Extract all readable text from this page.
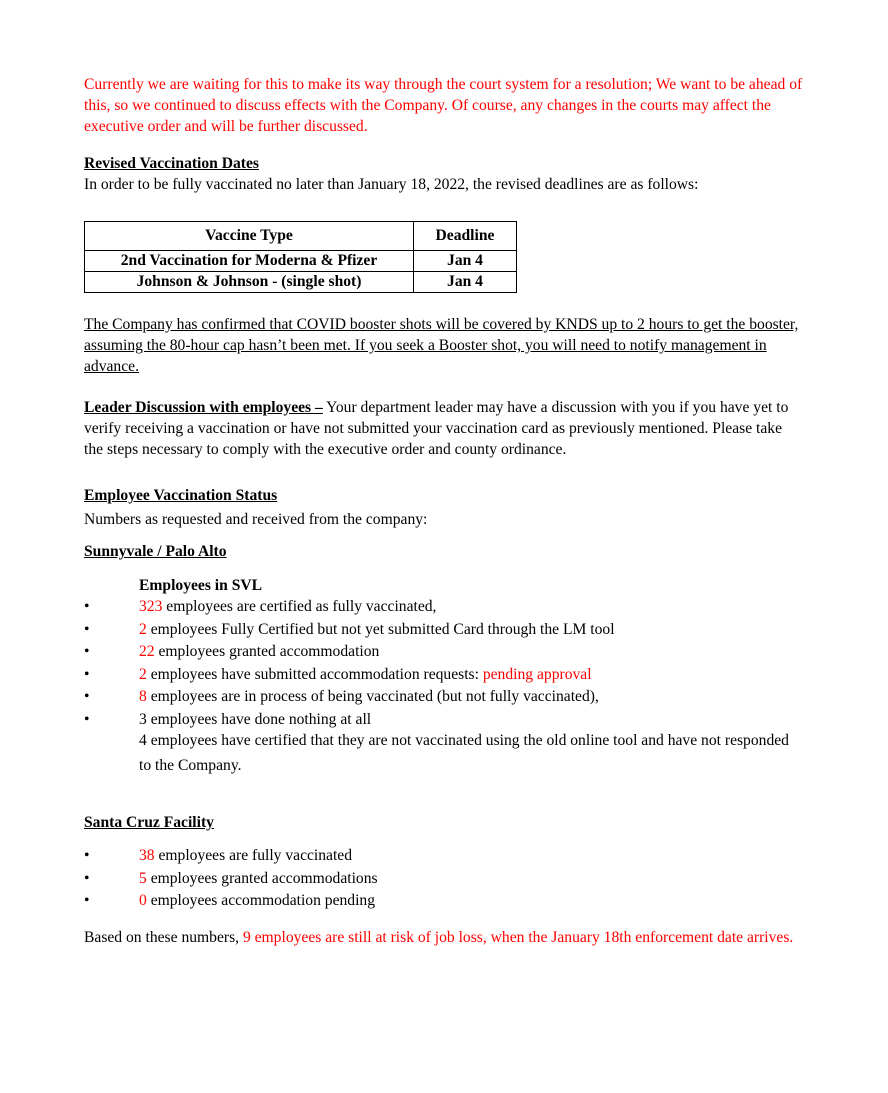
Currently we are waiting for this to make its way through the court system for a resolution; We want to be ahead of this, so we continued to discuss effects with the Company. Of course, any changes in the courts may affect the executive order and will be further discussed.

Revised Vaccination Dates

In order to be fully vaccinated no later than January 18, 2022, the revised deadlines are as follows:

Vaccine Type	Deadline
2nd Vaccination for Moderna & Pfizer	Jan 4
Johnson & Johnson - (single shot)	Jan 4

The Company has confirmed that COVID booster shots will be covered by KNDS up to 2 hours to get the booster, assuming the 80-hour cap hasn’t been met. If you seek a Booster shot, you will need to notify management in advance.

Leader Discussion with employees – Your department leader may have a discussion with you if you have yet to verify receiving a vaccination or have not submitted your vaccination card as previously mentioned. Please take the steps necessary to comply with the executive order and county ordinance.

Employee Vaccination Status

Numbers as requested and received from the company:

Sunnyvale / Palo Alto

Employees in SVL

•	323 employees are certified as fully vaccinated,
•	2 employees Fully Certified but not yet submitted Card through the LM tool
•	22 employees granted accommodation
•	2 employees have submitted accommodation requests: pending approval
•	8 employees are in process of being vaccinated (but not fully vaccinated),
•	3 employees have done nothing at all

4 employees have certified that they are not vaccinated using the old online tool and have not responded to the Company.

Santa Cruz Facility

•	38 employees are fully vaccinated
•	5 employees granted accommodations
•	0 employees accommodation pending

Based on these numbers, 9 employees are still at risk of job loss, when the January 18th enforcement date arrives.
